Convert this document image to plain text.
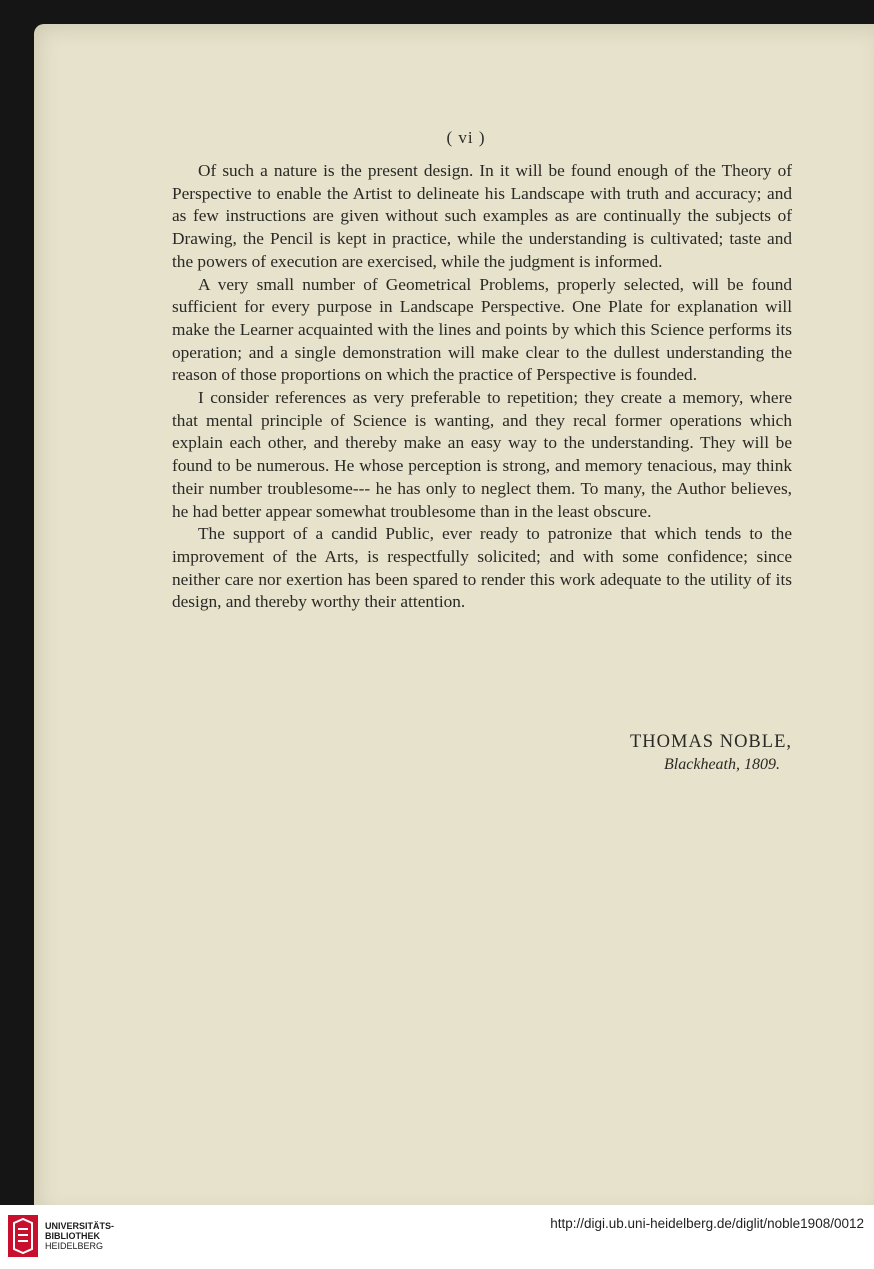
( vi )

Of such a nature is the present design. In it will be found enough of the Theory of Perspective to enable the Artist to delineate his Landscape with truth and accuracy; and as few instructions are given without such examples as are continually the subjects of Drawing, the Pencil is kept in practice, while the understanding is cultivated; taste and the powers of execution are exercised, while the judgment is informed.

A very small number of Geometrical Problems, properly selected, will be found sufficient for every purpose in Landscape Perspective. One Plate for explanation will make the Learner acquainted with the lines and points by which this Science performs its operation; and a single demonstration will make clear to the dullest understanding the reason of those proportions on which the practice of Perspective is founded.

I consider references as very preferable to repetition; they create a memory, where that mental principle of Science is wanting, and they recal former operations which explain each other, and thereby make an easy way to the understanding. They will be found to be numerous. He whose perception is strong, and memory tenacious, may think their number troublesome--- he has only to neglect them. To many, the Author believes, he had better appear somewhat troublesome than in the least obscure.

The support of a candid Public, ever ready to patronize that which tends to the improvement of the Arts, is respectfully solicited; and with some confidence; since neither care nor exertion has been spared to render this work adequate to the utility of its design, and thereby worthy their attention.

THOMAS NOBLE,
Blackheath, 1809.
UNIVERSITÄTS-
BIBLIOTHEK
HEIDELBERG
http://digi.ub.uni-heidelberg.de/diglit/noble1908/0012
